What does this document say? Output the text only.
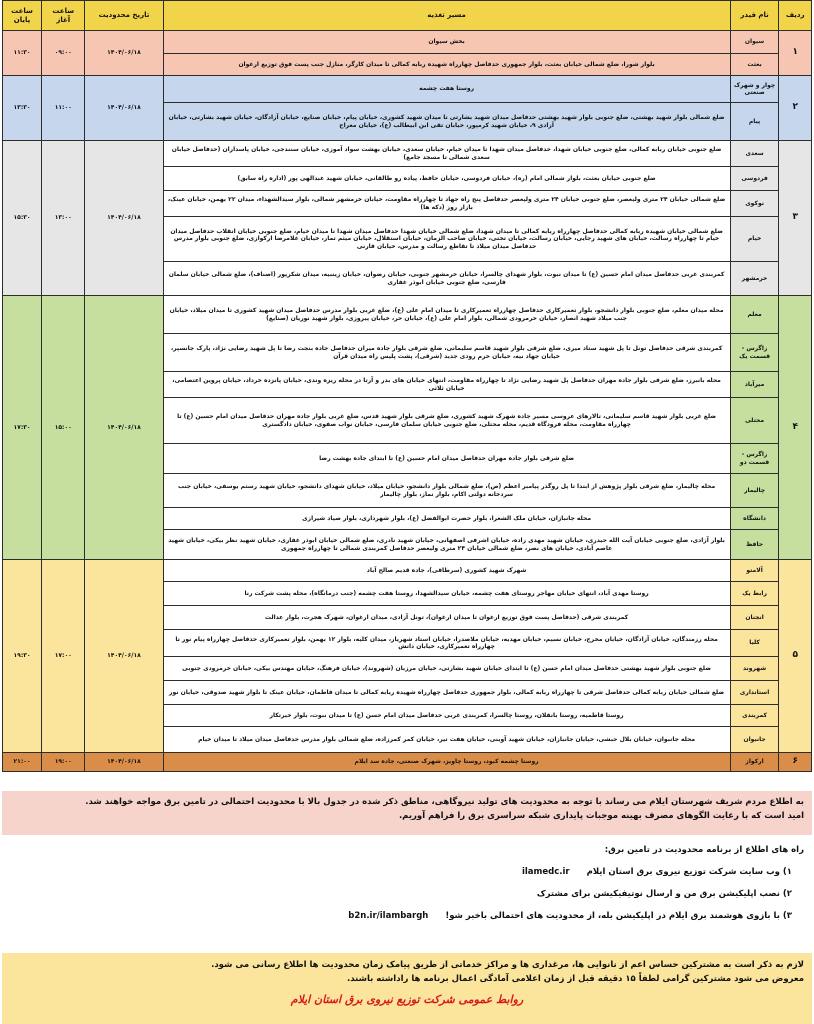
ردیف	نام فیدر	مسیر تغذیه	تاریخ محدودیت	ساعت آغاز	ساعت پایان
۱	سیوان	بخش سیوان	۱۴۰۴/۰۶/۱۸	۰۹:۰۰	۱۱:۳۰
	بعثت	بلوار شورا، ضلع شمالی خیابان بعثت، بلوار جمهوری حدفاصل چهارراه شهیده ربابه کمالی تا میدان کارگر، منازل جنب پست فوق توزیع ارغوان			
۲	چوار و شهرک صنعتی	روستا هفت چشمه	۱۴۰۴/۰۶/۱۸	۱۱:۰۰	۱۳:۳۰
	پیام	ضلع شمالی بلوار شهید بهشتی، ضلع جنوبی بلوار شهید بهشتی حدفاصل میدان شهید بشارتی تا میدان شهید کشوری، خیابان پیام، خیابان صنایع، خیابان آزادگان، خیابان شهید بشارتی، خیابان آزادی ۹، خیابان شهید کرمپور، خیابان تقی ابن ابیطالب (ع)، خیابان معراج			
۳	سعدی	ضلع جنوبی خیابان ربابه کمالی، ضلع جنوبی خیابان شهدا، حدفاصل میدان شهدا تا میدان خیام، خیابان سعدی، خیابان بهشت سواد آموزی، خیابان سنندجی، خیابان پاسداران (حدفاصل خیابان سعدی شمالی تا مسجد جامع)	۱۴۰۴/۰۶/۱۸	۱۳:۰۰	۱۵:۳۰
	فردوسی	ضلع جنوبی خیابان بعثت، بلوار شمالی امام (ره)، خیابان فردوسی، خیابان حافظ، پیاده رو طالقانی، خیابان شهید عبدالهی پور (اداره راه سابق)			
	نوکوی	ضلع شمالی خیابان ۲۴ متری ولیعصر، ضلع جنوبی خیابان ۲۴ متری ولیعصر حدفاصل پنج راه جهاد تا چهارراه مقاومت، خیابان خرمشهر شمالی، بلوار سیدالشهداء، میدان ۲۲ بهمن، خیابان عینک، بازار روز (دکه ها)			
	خیام	ضلع شمالی خیابان شهیده ربابه کمالی حدفاصل چهارراه ربابه کمالی تا میدان شهدا، ضلع شمالی خیابان شهدا حدفاصل میدان شهدا تا میدان خیام، ضلع جنوبی خیابان انقلاب حدفاصل میدان خیام تا چهارراه رسالت، خیابان های شهید رجایی، خیابان رسالت، خیابان تختی، خیابان صاحب الزمان، خیابان استقلال، خیابان میثم تمار، خیابان غلامرضا ارکوازی، ضلع جنوبی بلوار مدرس حدفاصل میدان میلاد تا تقاطع رسالت و مدرس، خیابان قارنی			
	خرمشهر	کمربندی غربی حدفاصل میدان امام حسین (ع) تا میدان نبوت، بلوار شهدای چالسرا، خیابان خرمشهر جنوبی، خیابان رضوان، خیابان زینبیه، میدان شکرپور (اصناف)، ضلع شمالی خیابان سلمان فارسی، ضلع جنوبی خیابان ابوذر غفاری			
۴	معلم	محله میدان معلم، ضلع جنوبی بلوار دانشجو، بلوار تعمیرکاری حدفاصل چهارراه تعمیرکاری تا میدان امام علی (ع)، ضلع غربی بلوار مدرس حدفاصل میدان شهید کشوری تا میدان میلاد، خیابان جنب میلاد شهید انصار، خیابان خرمرودی شمالی، بلوار امام علی (ع)، خیابان حر، خیابان پیروزی، بلوار شهید نوریان (صنایع)	۱۴۰۴/۰۶/۱۸	۱۵:۰۰	۱۷:۳۰
	زاگرس - قسمت یک	کمربندی شرقی حدفاصل تونل تا پل شهید ستاد میری، ضلع شرقی بلوار شهید قاسم سلیمانی، ضلع شرقی بلوار جاده میران حدفاصل جاده بنجت رضا تا پل شهید رضایی نژاد، پارک جانسپر، خیابان جهاد نیه، خیابان خرم رودی جدید (شرقی)، پشت پلیس راه میدان قرآن			
	میرآباد	محله بانبرز، ضلع شرقی بلوار جاده مهران حدفاصل پل شهید رضایی نژاد تا چهارراه مقاومت، انتهای خیابان های بدر و آرتا در محله ریزه وندی، خیابان پانزده خرداد، خیابان پروین اعتصامی، خیابان ثلاثی			
	محتلی	ضلع غربی بلوار شهید قاسم سلیمانی، تالارهای عروسی مسیر جاده شهرک شهید کشوری، ضلع شرقی بلوار شهید قدس، ضلع غربی بلوار جاده مهران حدفاصل میدان امام حسین (ع) تا چهارراه مقاومت، محله فرودگاه قدیم، محله محتلی، ضلع جنوبی خیابان سلمان فارسی، خیابان نواب صفوی، خیابان دادگستری			
	زاگرس - قسمت دو	ضلع شرقی بلوار جاده مهران حدفاصل میدان امام حسین (ع) تا ابتدای جاده بهشت رضا			
	چالیمار	محله چالیمار، ضلع شرقی بلوار پژوهش از ابتدا تا پل روگذر پیامبر اعظم (ص)، ضلع شمالی بلوار دانشجو، خیابان میلاد، خیابان شهدای دانشجو، خیابان شهید رستم یوسفی، خیابان جنب سردخانه دولتی اکام، بلوار نماز، بلوار چالیمار			
	دانشگاه	محله جانبازان، خیابان ملک الشعرا، بلوار حضرت ابوالفضل (ع)، بلوار شهرداری، بلوار صیاد شیرازی			
	حافظ	بلوار آزادی، ضلع جنوبی خیابان آیت الله حیدری، خیابان شهید مهدی زاده، خیابان اشرفی اصفهانی، خیابان شهید نادری، ضلع شمالی خیابان ابوذر غفاری، خیابان شهید نظر بیکی، خیابان شهید عاصم آبادی، خیابان های نصر، ضلع شمالی خیابان ۲۴ متری ولیعصر حدفاصل کمربندی شمالی تا چهارراه جمهوری			
۵	آلامتو	شهرک شهید کشوری (سرطاقی)، جاده قدیم صالح آباد	۱۴۰۴/۰۶/۱۸	۱۷:۰۰	۱۹:۳۰
	رابط یک	روستا مهدی آباد، انتهای خیابان مهاجر روستای هفت چشمه، خیابان سیدالشهدا، روستا هفت چشمه (جنب درمانگاه)، محله پشت شرکت رنا			
	انجنان	کمربندی شرقی (حدفاصل پست فوق توزیع ارغوان تا میدان ارغوان)، تونل آزادی، میدان ارغوان، شهرک هجرت، بلوار عدالت			
	کلیا	محله رزمندگان، خیابان آزادگان، خیابان مخرج، خیابان نسیم، خیابان مهدیه، خیابان ملاصدرا، خیابان استاد شهریار، میدان کلیه، بلوار ۱۲ بهمن، بلوار تعمیرکاری حدفاصل چهارراه پیام نور تا چهارراه تعمیرکاری، خیابان دانش			
	شهروند	ضلع جنوبی بلوار شهید بهشتی حدفاصل میدان امام حسن (ع) تا ابتدای خیابان شهید بشارتی، خیابان مرزبان (شهروند)، خیابان فرهنگ، خیابان مهندس بیکی، خیابان خرمرودی جنوبی			
	استانداری	ضلع شمالی خیابان ربابه کمالی حدفاصل شرقی تا چهارراه ربابه کمالی، بلوار جمهوری حدفاصل چهارراه شهیده ربابه کمالی تا میدان فاطمان، خیابان عینک تا بلوار شهید صدوقی، خیابان نور			
	کمربندی	روستا قاطمیه، روستا بانقلان، روستا چالسرا، کمربندی غربی حدفاصل میدان امام حسن (ع) تا میدان نبوت، بلوار خیرتکار			
	جانبوان	محله جانبوان، خیابان بلال حبشی، خیابان جانبازان، خیابان شهید آوینی، خیابان هفت تیر، خیابان کمر کمرزاده، ضلع شمالی بلوار مدرس حدفاصل میدان میلاد تا میدان خیام			
۶	ارکواز	روستا چشمه کبود، روستا چاویز، شهرک صنعتی، جاده سد ایلام	۱۴۰۴/۰۶/۱۸	۱۹:۰۰	۲۱:۰۰
به اطلاع مردم شریف شهرستان ایلام می رساند با توجه به محدودیت های تولید نیروگاهی، مناطق ذکر شده در جدول بالا با محدودیت احتمالی در تامین برق مواجه خواهند شد.
امید است که با رعایت الگوهای مصرف بهینه موجبات پایداری شبکه سراسری برق را فراهم آوریم.
راه های اطلاع از برنامه محدودیت در تامین برق:
۱) وب سایت شرکت توزیع نیروی برق استان ایلام ilamedc.ir
۲) نصب اپلیکیشن برق من و ارسال نوتیفیکیشن برای مشترک
۳) با بازوی هوشمند برق ایلام در اپلیکیشن بله، از محدودیت های احتمالی باخبر شو! b2n.ir/ilambargh
لازم به ذکر است به مشترکین حساس اعم از نانوایی ها، مرغداری ها و مراکز خدماتی از طریق پیامک زمان محدودیت ها اطلاع رسانی می شود.
معروض می شود مشترکین گرامی لطفاً ۱۵ دقیقه قبل از زمان اعلامی آمادگی اعمال برنامه ها راداشته باشند.
روابط عمومی شرکت توزیع نیروی برق استان ایلام
